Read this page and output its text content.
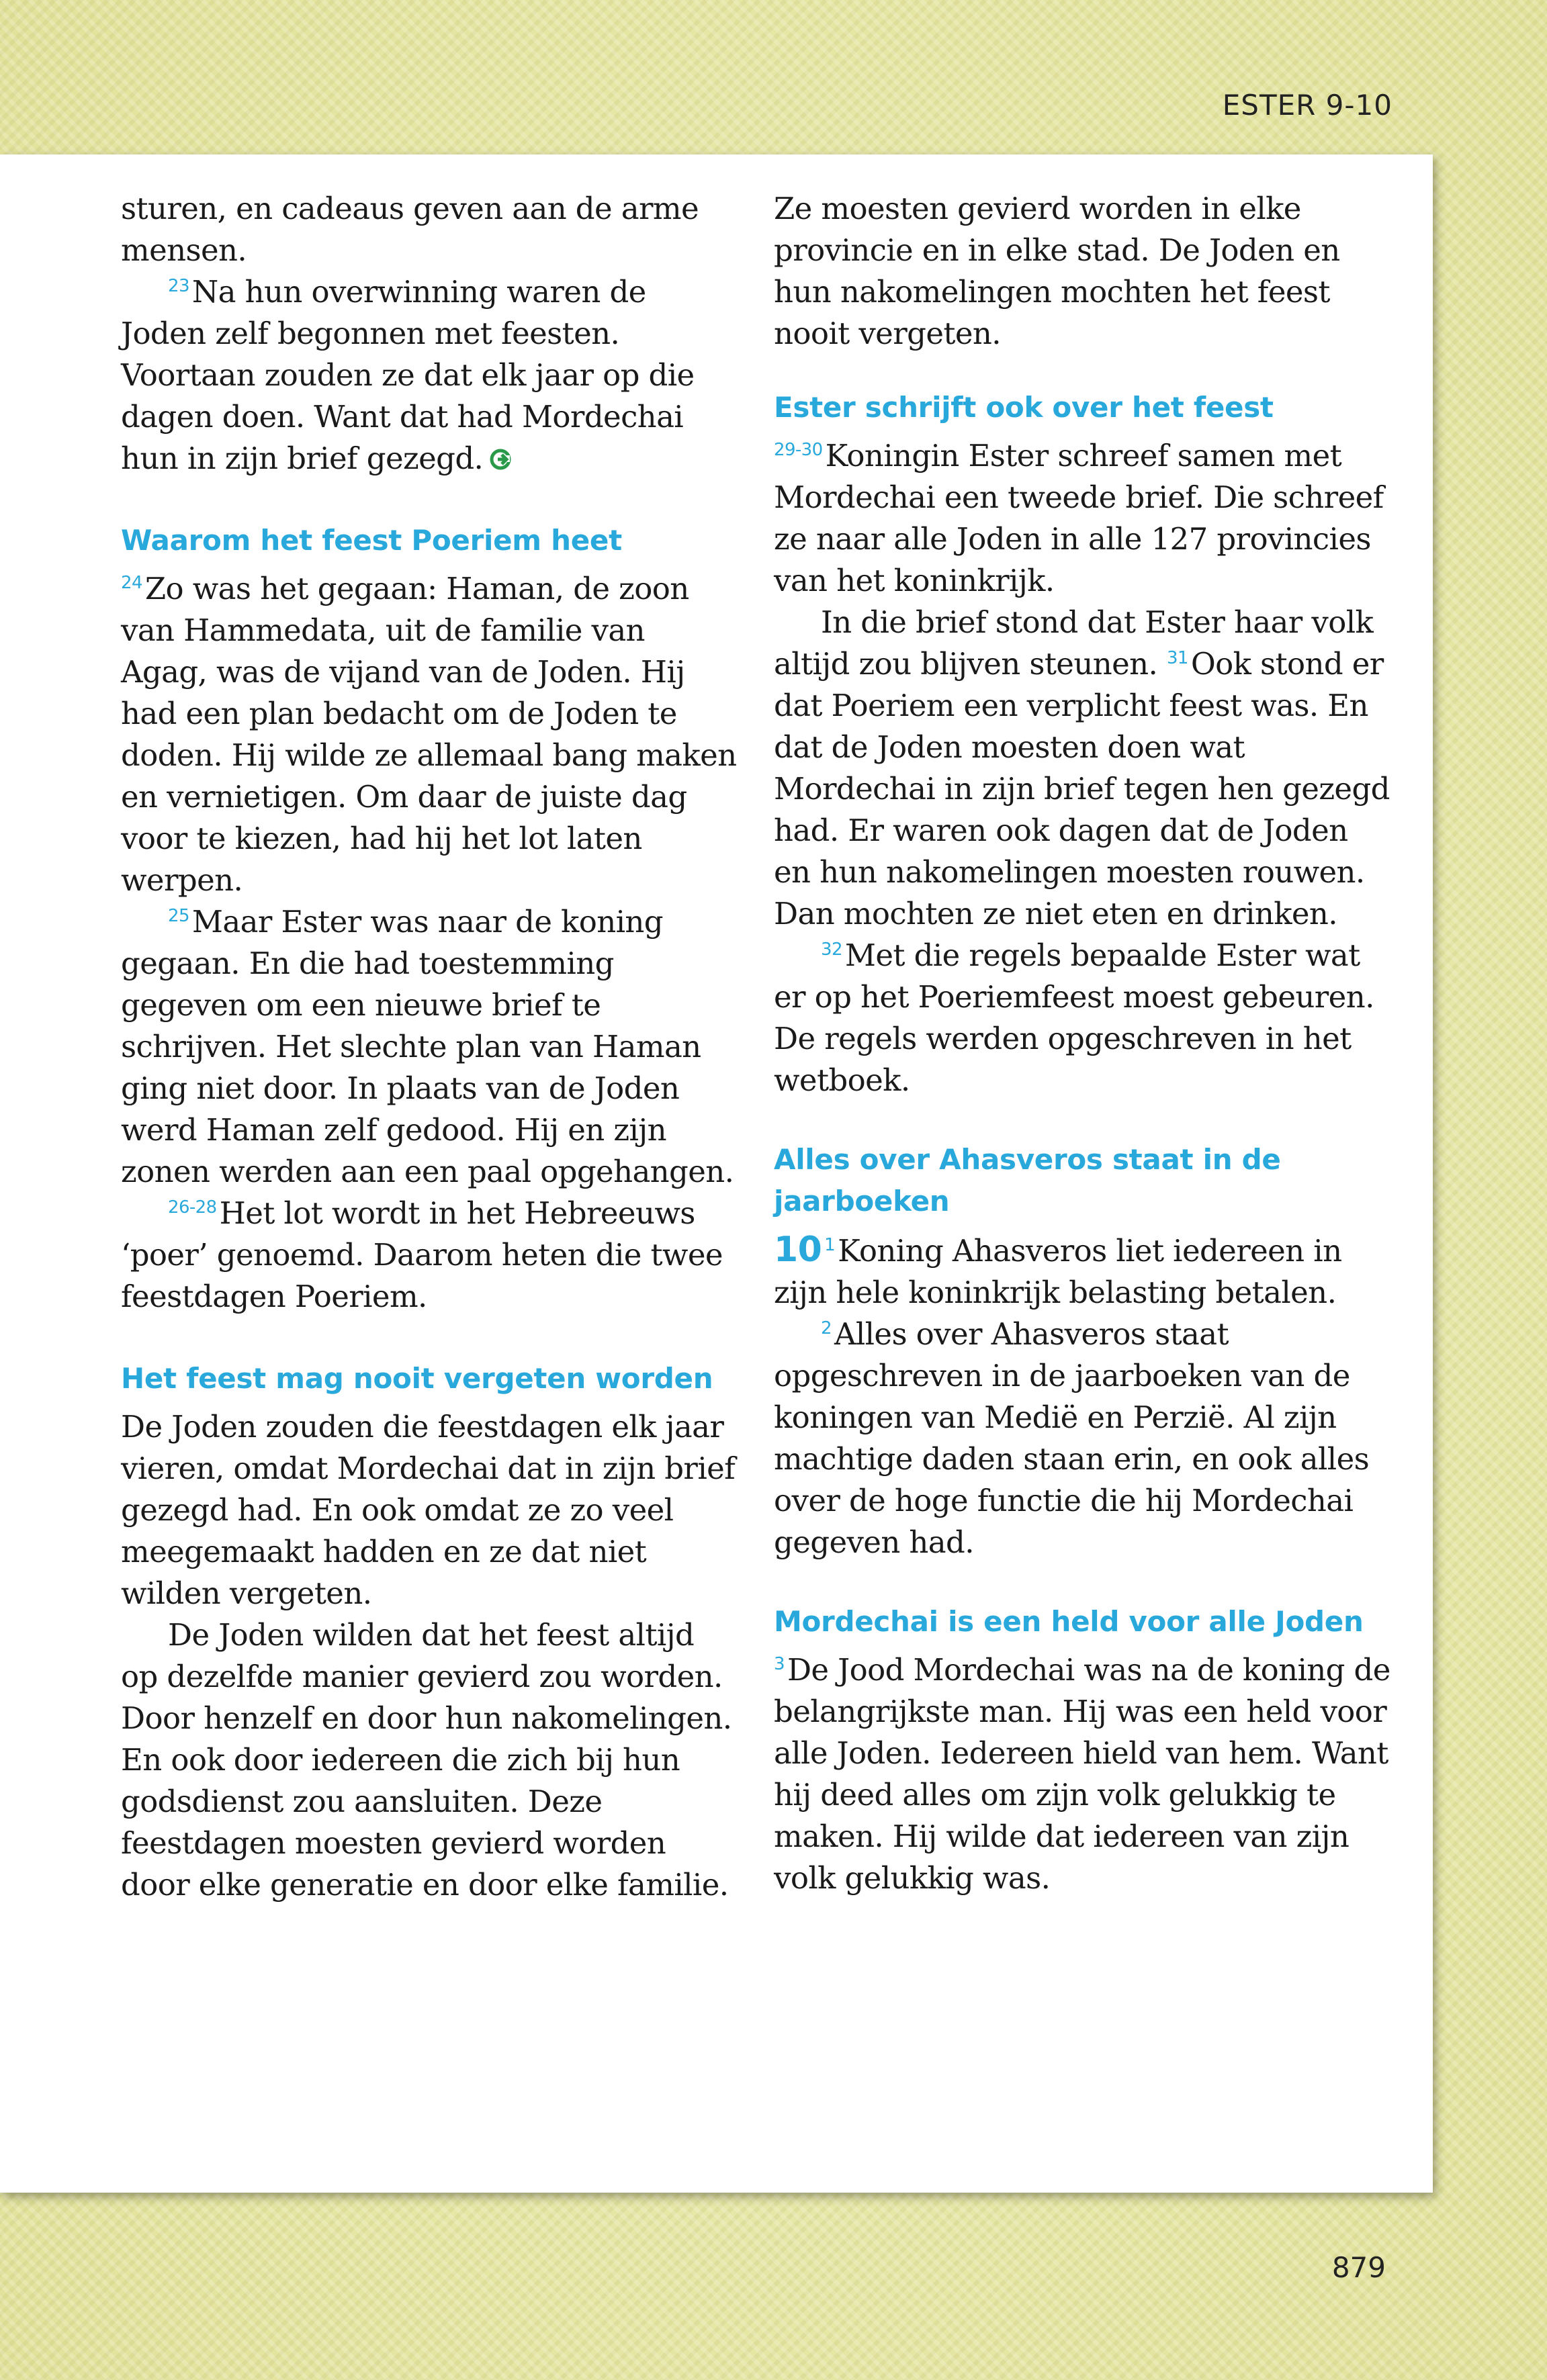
ESTER 9-10

sturen, en cadeaus geven aan de arme mensen.

$^{23}$Na hun overwinning waren de Joden zelf begonnen met feesten. Voortaan zouden ze dat elk jaar op die dagen doen. Want dat had Mordechai hun in zijn brief gezegd.

Waarom het feest Poeriem heet

$^{24}$Zo was het gegaan: Haman, de zoon van Hammedata, uit de familie van Agag, was de vijand van de Joden. Hij had een plan bedacht om de Joden te doden. Hij wilde ze allemaal bang maken en vernietigen. Om daar de juiste dag voor te kiezen, had hij het lot laten werpen.

$^{25}$Maar Ester was naar de koning gegaan. En die had toestemming gegeven om een nieuwe brief te schrijven. Het slechte plan van Haman ging niet door. In plaats van de Joden werd Haman zelf gedood. Hij en zijn zonen werden aan een paal opgehangen.

$^{26-28}$Het lot wordt in het Hebreeuws ‘poer’ genoemd. Daarom heten die twee feestdagen Poeriem.

Het feest mag nooit vergeten worden

De Joden zouden die feestdagen elk jaar vieren, omdat Mordechai dat in zijn brief gezegd had. En ook omdat ze zo veel meegemaakt hadden en ze dat niet wilden vergeten.

De Joden wilden dat het feest altijd op dezelfde manier gevierd zou worden. Door henzelf en door hun nakomelingen. En ook door iedereen die zich bij hun godsdienst zou aansluiten. Deze feestdagen moesten gevierd worden door elke generatie en door elke familie.

Ze moesten gevierd worden in elke provincie en in elke stad. De Joden en hun nakomelingen mochten het feest nooit vergeten.

Ester schrijft ook over het feest

$^{29-30}$Koningin Ester schreef samen met Mordechai een tweede brief. Die schreef ze naar alle Joden in alle 127 provincies van het koninkrijk.

In die brief stond dat Ester haar volk altijd zou blijven steunen. $^{31}$Ook stond er dat Poeriem een verplicht feest was. En dat de Joden moesten doen wat Mordechai in zijn brief tegen hen gezegd had. Er waren ook dagen dat de Joden en hun nakomelingen moesten rouwen. Dan mochten ze niet eten en drinken.

$^{32}$Met die regels bepaalde Ester wat er op het Poeriemfeest moest gebeuren. De regels werden opgeschreven in het wetboek.

Alles over Ahasveros staat in de jaarboeken

10 $^1$Koning Ahasveros liet iedereen in zijn hele koninkrijk belasting betalen.

$^2$Alles over Ahasveros staat opgeschreven in de jaarboeken van de koningen van Medië en Perzië. Al zijn machtige daden staan erin, en ook alles over de hoge functie die hij Mordechai gegeven had.

Mordechai is een held voor alle Joden

$^3$De Jood Mordechai was na de koning de belangrijkste man. Hij was een held voor alle Joden. Iedereen hield van hem. Want hij deed alles om zijn volk gelukkig te maken. Hij wilde dat iedereen van zijn volk gelukkig was.

879
